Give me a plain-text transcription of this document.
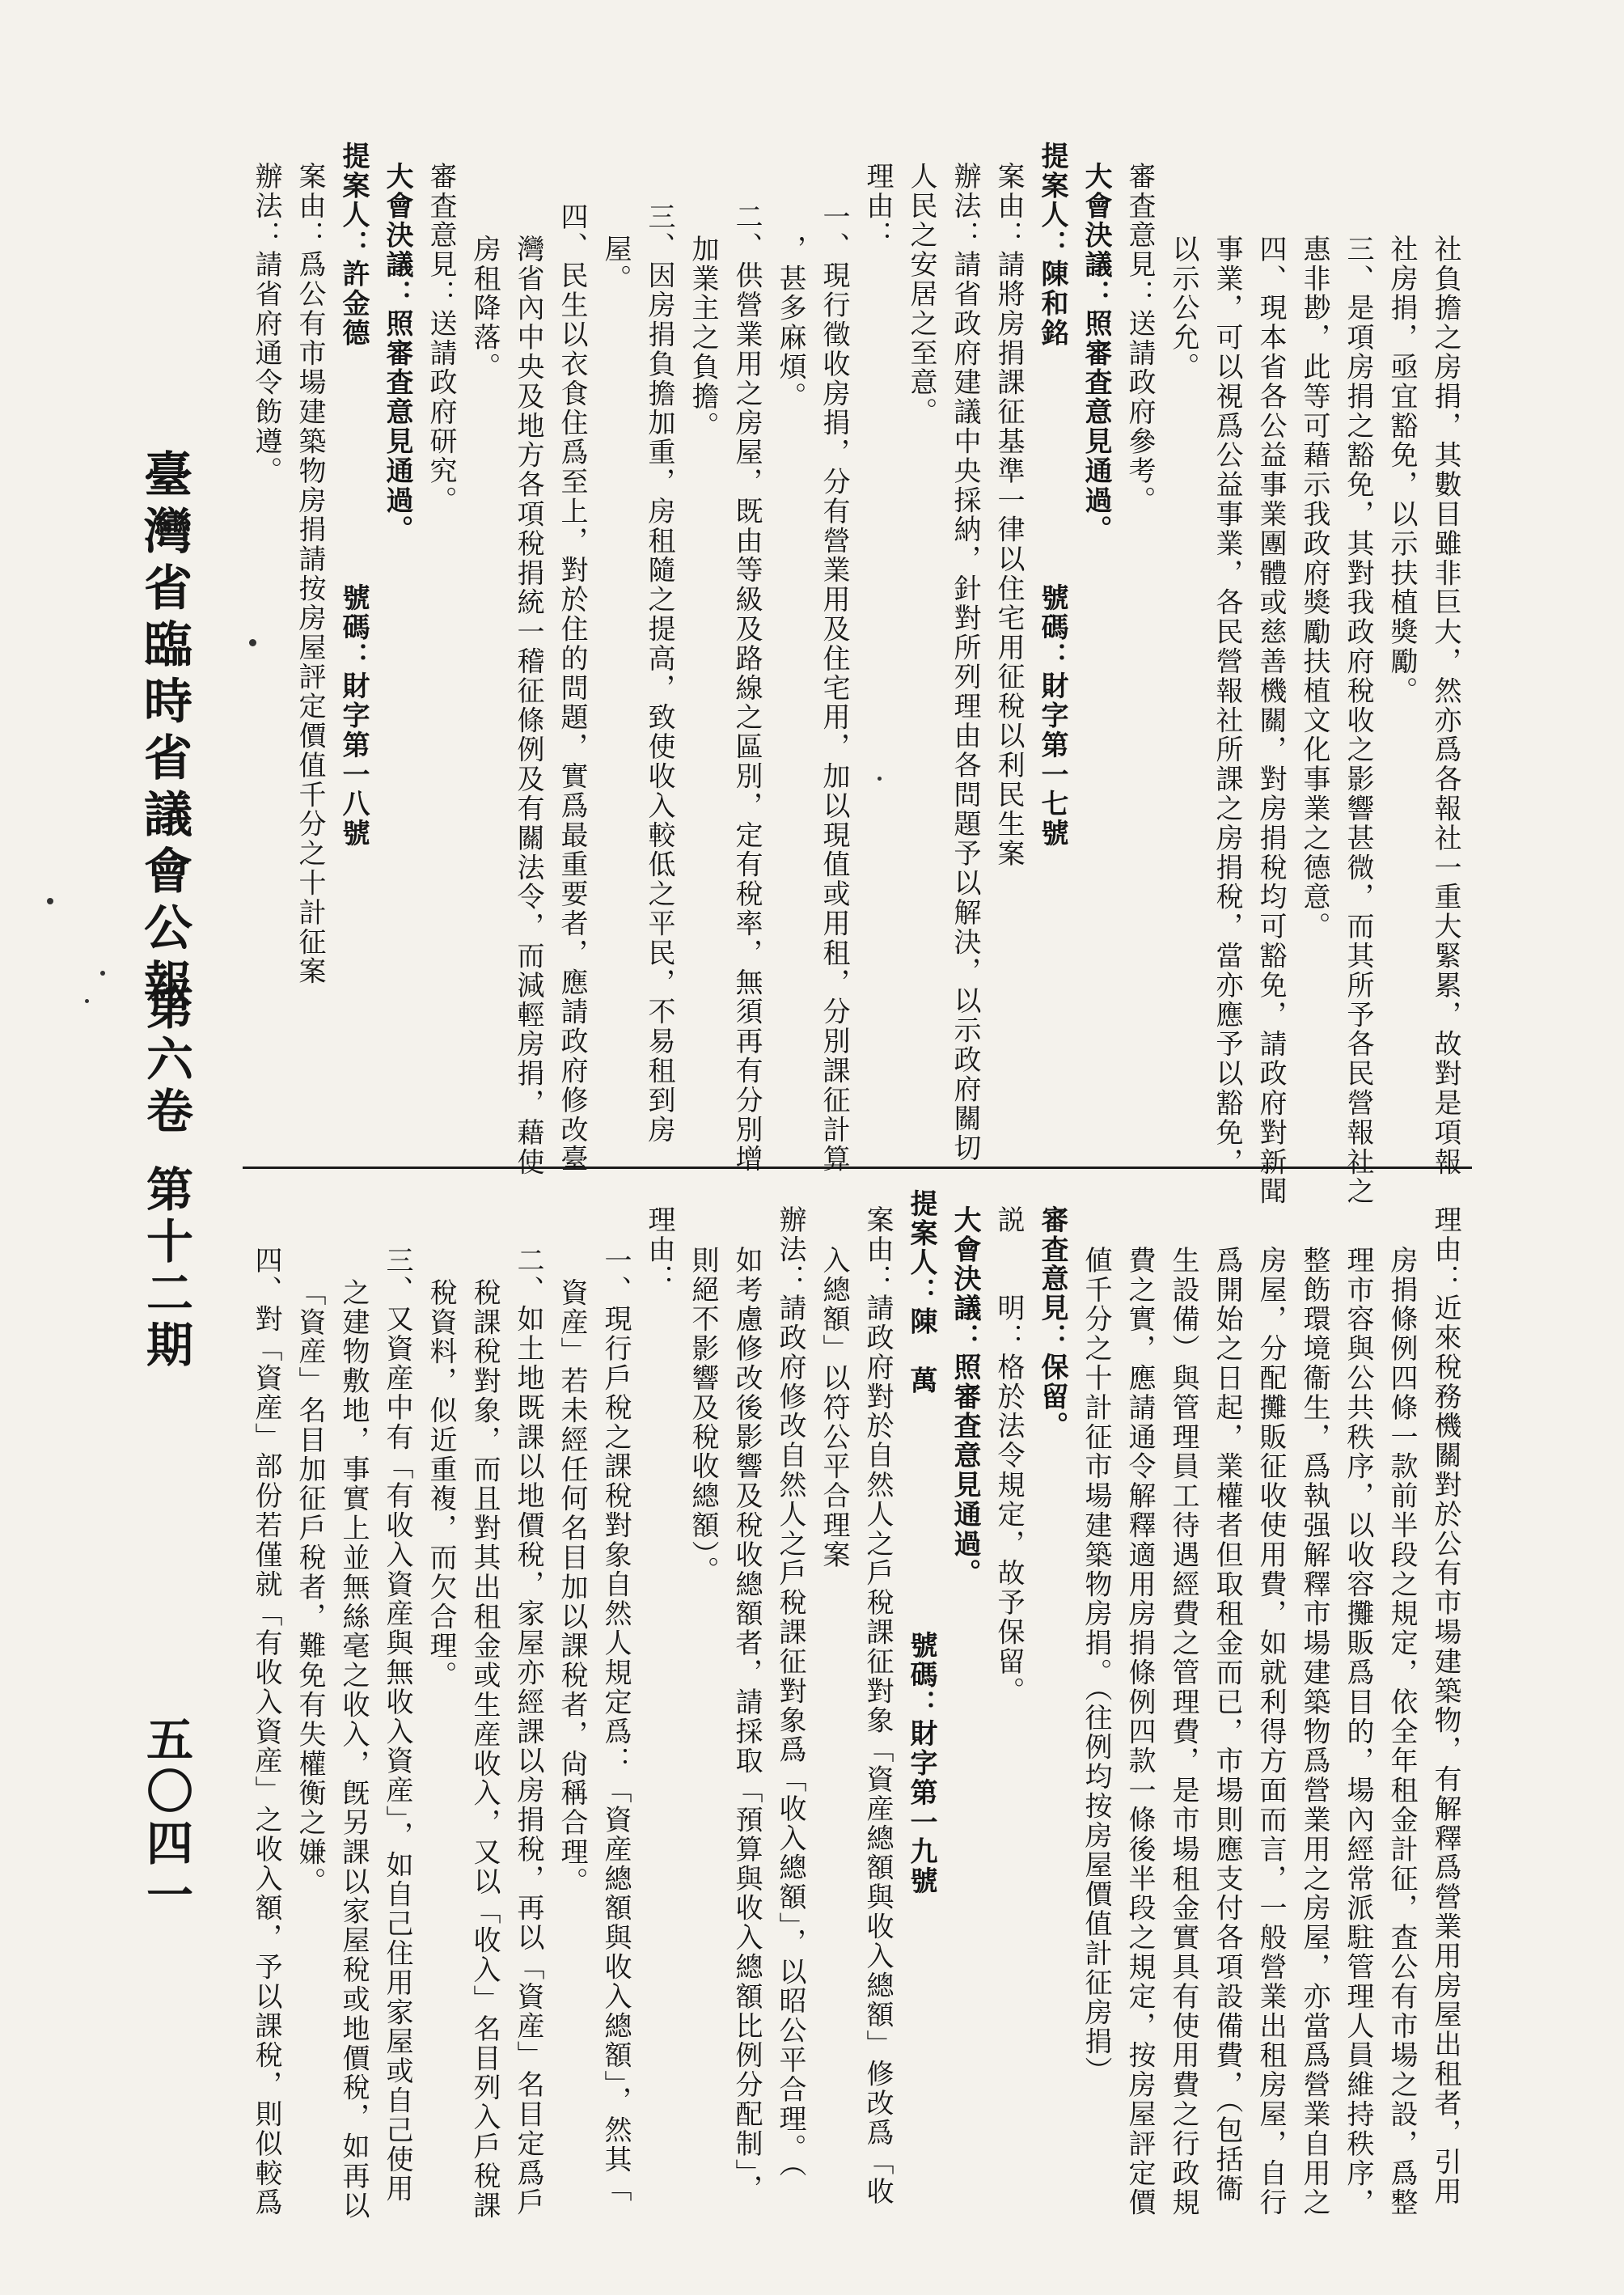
臺灣省臨時省議會公報
第六卷
第十二期
五〇四一
社負擔之房捐，其數目雖非巨大，然亦爲各報社一重大緊累，故對是項報
社房捐，亟宜豁免，以示扶植獎勵。
三、是項房捐之豁免，其對我政府稅收之影響甚微，而其所予各民營報社之
惠非尠，此等可藉示我政府獎勵扶植文化事業之德意。
四、現本省各公益事業團體或慈善機關，對房捐稅均可豁免，請政府對新聞
事業，可以視爲公益事業，各民營報社所課之房捐稅，當亦應予以豁免，
以示公允。
審査意見：送請政府參考。
大會決議：照審査意見通過。
提案人：陳和銘　　　　　　　　號碼：財字第一七號
案由：請將房捐課征基準一律以住宅用征稅以利民生案
辦法：請省政府建議中央採納，針對所列理由各問題予以解決，以示政府關切
人民之安居之至意。
理由：
一、現行徵收房捐，分有營業用及住宅用，加以現值或用租，分別課征計算
，甚多麻煩。
二、供營業用之房屋，既由等級及路線之區別，定有稅率，無須再有分別增
加業主之負擔。
三、因房捐負擔加重，房租隨之提高，致使收入較低之平民，不易租到房
屋。
四、民生以衣食住爲至上，對於住的問題，實爲最重要者，應請政府修改臺
灣省內中央及地方各項稅捐統一稽征條例及有關法令，而減輕房捐，藉使
房租降落。
審査意見：送請政府研究。
大會決議：照審査意見通過。
提案人：許金德　　　　　　　　號碼：財字第一八號
案由：爲公有市場建築物房捐請按房屋評定價值千分之十計征案
辦法：請省府通令飭遵。
理由：近來稅務機關對於公有市場建築物，有解釋爲營業用房屋出租者，引用
房捐條例四條一款前半段之規定，依全年租金計征，査公有市場之設，爲整
理市容與公共秩序，以收容攤販爲目的，場內經常派駐管理人員維持秩序，
整飭環境衞生，爲執强解釋市場建築物爲營業用之房屋，亦當爲營業自用之
房屋，分配攤販征收使用費，如就利得方面而言，一般營業出租房屋，自行
爲開始之日起，業權者但取租金而已，市場則應支付各項設備費，（包括衞
生設備）與管理員工待遇經費之管理費，是市場租金實具有使用費之行政規
費之實，應請通令解釋適用房捐條例四款一條後半段之規定，按房屋評定價
値千分之十計征市場建築物房捐。（往例均按房屋價值計征房捐）
審査意見：保留。
説　　明：格於法令規定，故予保留。
大會決議：照審査意見通過。
提案人：陳　萬　　　　　　　　號碼：財字第一九號
案由：請政府對於自然人之戶稅課征對象「資産總額與收入總額」修改爲「收
入總額」以符公平合理案
辦法：請政府修改自然人之戶稅課征對象爲「收入總額」，以昭公平合理。（
如考慮修改後影響及稅收總額者，請採取「預算與收入總額比例分配制」，
則絕不影響及稅收總額）。
理由：
一、現行戶稅之課稅對象自然人規定爲：「資産總額與收入總額」，然其「
資産」若未經任何名目加以課稅者，尙稱合理。
二、如土地既課以地價稅，家屋亦經課以房捐稅，再以「資産」名目定爲戶
稅課稅對象，而且對其出租金或生産收入，又以「收入」名目列入戶稅課
稅資料，似近重複，而欠合理。
三、又資産中有「有收入資産與無收入資産」，如自己住用家屋或自己使用
之建物敷地，事實上並無絲毫之收入，旣另課以家屋稅或地價稅，如再以
「資産」名目加征戶稅者，難免有失權衡之嫌。
四、對「資産」部份若僅就「有收入資産」之收入額，予以課稅，則似較爲
